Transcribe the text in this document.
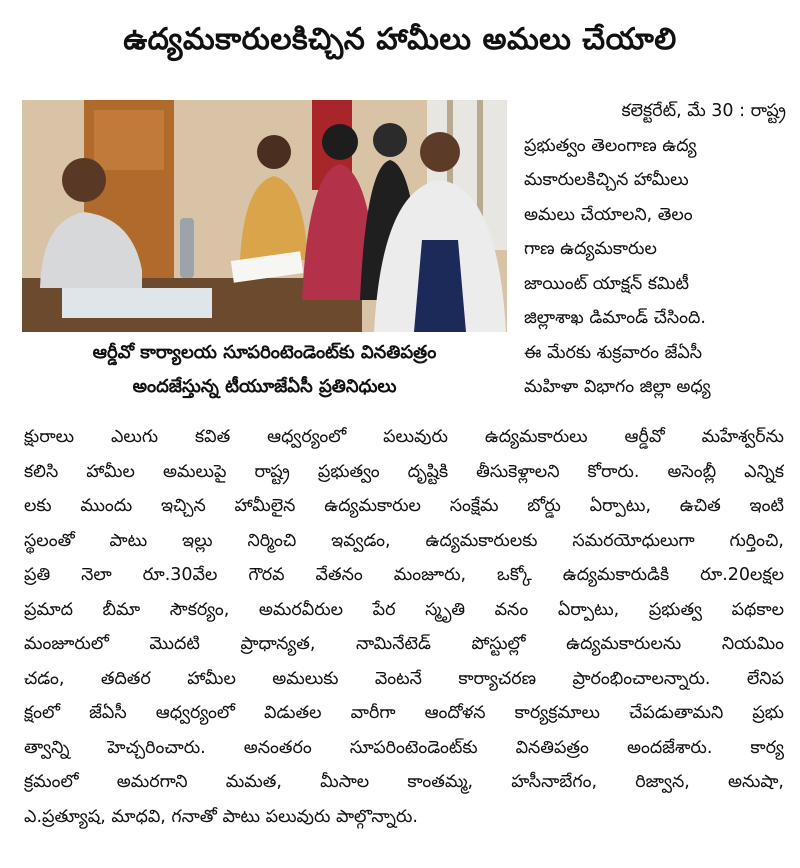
ఉద్యమకారులకిచ్చిన హామీలు అమలు చేయాలి
ఆర్డీవో కార్యాలయ సూపరింటెండెంట్‌కు వినతిపత్రం
అందజేస్తున్న టీయూజేఏసీ ప్రతినిధులు
కలెక్టరేట్, మే 30 : రాష్ట్ర
ప్రభుత్వం తెలంగాణ ఉద్య
మకారులకిచ్చిన హామీలు
అమలు చేయాలని, తెలం
గాణ ఉద్యమకారుల
జాయింట్ యాక్షన్ కమిటీ
జిల్లాశాఖ డిమాండ్ చేసింది.
ఈ మేరకు శుక్రవారం జేఏసీ
మహిళా విభాగం జిల్లా అధ్య
క్షురాలు ఎలుగు కవిత ఆధ్వర్యంలో పలువురు ఉద్యమకారులు ఆర్డీవో మహేశ్వర్‌ను
కలిసి హామీల అమలుపై రాష్ట్ర ప్రభుత్వం దృష్టికి తీసుకెళ్లాలని కోరారు. అసెంబ్లీ ఎన్నిక
లకు ముందు ఇచ్చిన హామీలైన ఉద్యమకారుల సంక్షేమ బోర్డు ఏర్పాటు, ఉచిత ఇంటి
స్థలంతో పాటు ఇల్లు నిర్మించి ఇవ్వడం, ఉద్యమకారులకు సమరయోధులుగా గుర్తించి,
ప్రతి నెలా రూ.30వేల గౌరవ వేతనం మంజూరు, ఒక్కో ఉద్యమకారుడికి రూ.20లక్షల
ప్రమాద బీమా సౌకర్యం, అమరవీరుల పేర స్మృతి వనం ఏర్పాటు, ప్రభుత్వ పథకాల
మంజూరులో మొదటి ప్రాధాన్యత, నామినేటెడ్ పోస్టుల్లో ఉద్యమకారులను నియమిం
చడం, తదితర హామీల అమలుకు వెంటనే కార్యాచరణ ప్రారంభించాలన్నారు. లేనిప
క్షంలో జేఏసీ ఆధ్వర్యంలో విడుతల వారీగా ఆందోళన కార్యక్రమాలు చేపడుతామని ప్రభు
త్వాన్ని హెచ్చరించారు. అనంతరం సూపరింటెండెంట్‌కు వినతిపత్రం అందజేశారు. కార్య
క్రమంలో అమరగాని మమత, మీసాల కాంతమ్మ, హసీనాబేగం, రిజ్వాన, అనుషా,
ఎ.ప్రత్యూష, మాధవి, గనాతో పాటు పలువురు పాల్గొన్నారు.
